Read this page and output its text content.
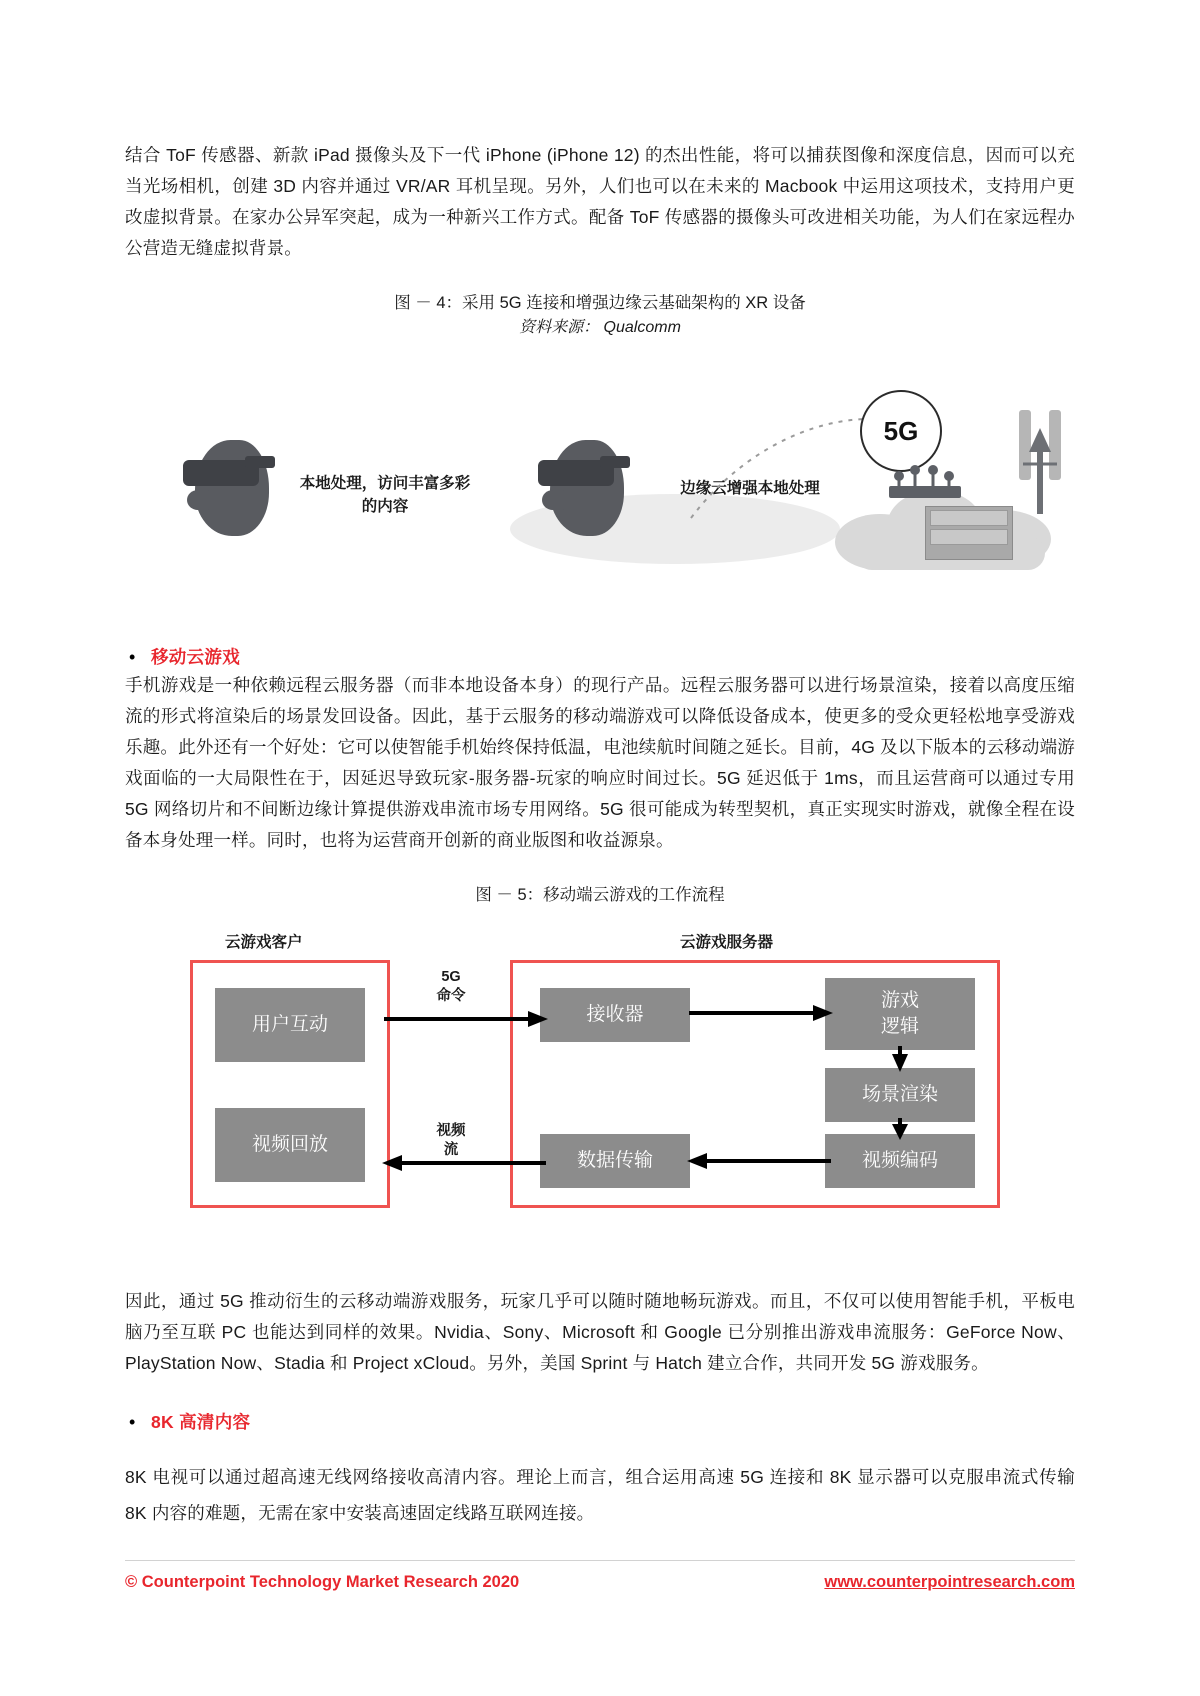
结合 ToF 传感器、新款 iPad 摄像头及下一代 iPhone (iPhone 12) 的杰出性能，将可以捕获图像和深度信息，因而可以充当光场相机，创建 3D 内容并通过 VR/AR 耳机呈现。另外，人们也可以在未来的 Macbook 中运用这项技术，支持用户更改虚拟背景。在家办公异军突起，成为一种新兴工作方式。配备 ToF 传感器的摄像头可改进相关功能，为人们在家远程办公营造无缝虚拟背景。

图 － 4：采用 5G 连接和增强边缘云基础架构的 XR 设备
资料来源： Qualcomm
本地处理，访问丰富多彩
的内容
边缘云增强本地处理
5G
• 移动云游戏

手机游戏是一种依赖远程云服务器（而非本地设备本身）的现行产品。远程云服务器可以进行场景渲染，接着以高度压缩流的形式将渲染后的场景发回设备。因此，基于云服务的移动端游戏可以降低设备成本，使更多的受众更轻松地享受游戏乐趣。此外还有一个好处：它可以使智能手机始终保持低温，电池续航时间随之延长。目前，4G 及以下版本的云移动端游戏面临的一大局限性在于，因延迟导致玩家-服务器-玩家的响应时间过长。5G 延迟低于 1ms，而且运营商可以通过专用 5G 网络切片和不间断边缘计算提供游戏串流市场专用网络。5G 很可能成为转型契机，真正实现实时游戏，就像全程在设备本身处理一样。同时，也将为运营商开创新的商业版图和收益源泉。

图 － 5：移动端云游戏的工作流程
云游戏客户	云游戏服务器
用户互动
视频回放
接收器
游戏
逻辑
场景渲染
数据传输	视频编码
5G
命令
视频
流

因此，通过 5G 推动衍生的云移动端游戏服务，玩家几乎可以随时随地畅玩游戏。而且，不仅可以使用智能手机，平板电脑乃至互联 PC 也能达到同样的效果。Nvidia、Sony、Microsoft 和 Google 已分别推出游戏串流服务：GeForce Now、PlayStation Now、Stadia 和 Project xCloud。另外，美国 Sprint 与 Hatch 建立合作，共同开发 5G 游戏服务。

• 8K 高清内容

8K 电视可以通过超高速无线网络接收高清内容。理论上而言，组合运用高速 5G 连接和 8K 显示器可以克服串流式传输 8K 内容的难题，无需在家中安装高速固定线路互联网连接。

© Counterpoint Technology Market Research 2020	www.counterpointresearch.com
